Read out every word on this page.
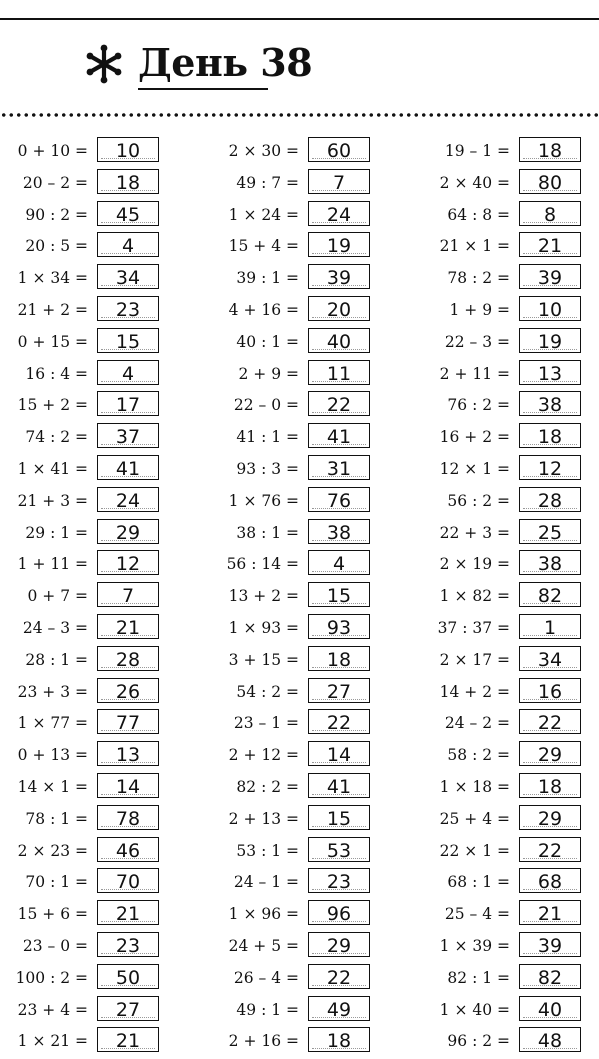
День 38
0 + 10 =	10	2 × 30 =	60	19 – 1 =	18
20 – 2 =	18	49 : 7 =	7	2 × 40 =	80
90 : 2 =	45	1 × 24 =	24	64 : 8 =	8
20 : 5 =	4	15 + 4 =	19	21 × 1 =	21
1 × 34 =	34	39 : 1 =	39	78 : 2 =	39
21 + 2 =	23	4 + 16 =	20	1 + 9 =	10
0 + 15 =	15	40 : 1 =	40	22 – 3 =	19
16 : 4 =	4	2 + 9 =	11	2 + 11 =	13
15 + 2 =	17	22 – 0 =	22	76 : 2 =	38
74 : 2 =	37	41 : 1 =	41	16 + 2 =	18
1 × 41 =	41	93 : 3 =	31	12 × 1 =	12
21 + 3 =	24	1 × 76 =	76	56 : 2 =	28
29 : 1 =	29	38 : 1 =	38	22 + 3 =	25
1 + 11 =	12	56 : 14 =	4	2 × 19 =	38
0 + 7 =	7	13 + 2 =	15	1 × 82 =	82
24 – 3 =	21	1 × 93 =	93	37 : 37 =	1
28 : 1 =	28	3 + 15 =	18	2 × 17 =	34
23 + 3 =	26	54 : 2 =	27	14 + 2 =	16
1 × 77 =	77	23 – 1 =	22	24 – 2 =	22
0 + 13 =	13	2 + 12 =	14	58 : 2 =	29
14 × 1 =	14	82 : 2 =	41	1 × 18 =	18
78 : 1 =	78	2 + 13 =	15	25 + 4 =	29
2 × 23 =	46	53 : 1 =	53	22 × 1 =	22
70 : 1 =	70	24 – 1 =	23	68 : 1 =	68
15 + 6 =	21	1 × 96 =	96	25 – 4 =	21
23 – 0 =	23	24 + 5 =	29	1 × 39 =	39
100 : 2 =	50	26 – 4 =	22	82 : 1 =	82
23 + 4 =	27	49 : 1 =	49	1 × 40 =	40
1 × 21 =	21	2 + 16 =	18	96 : 2 =	48
